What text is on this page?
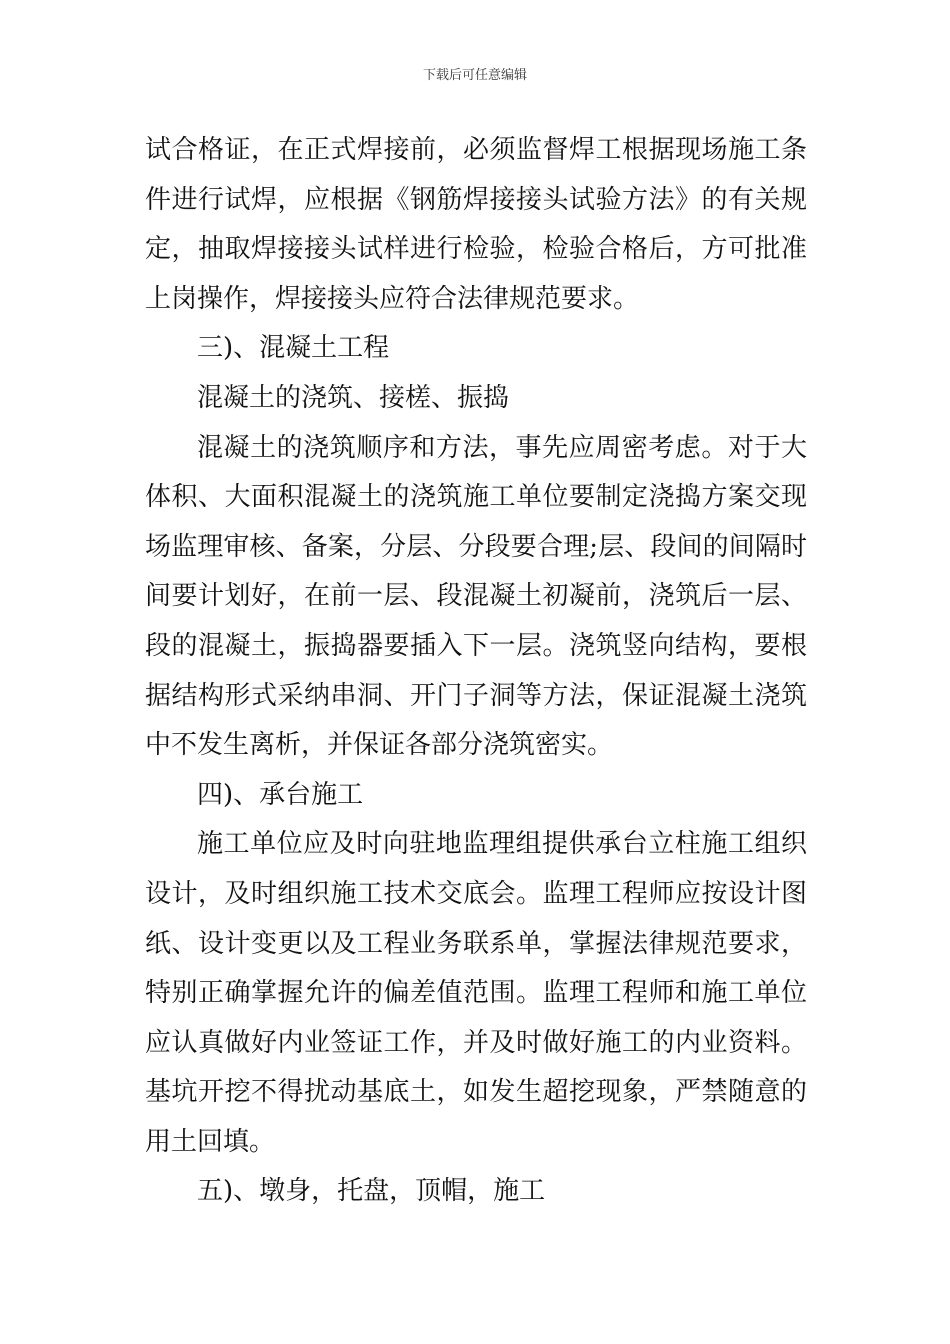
下载后可任意编辑
试合格证，在正式焊接前，必须监督焊工根据现场施工条
件进行试焊，应根据《钢筋焊接接头试验方法》的有关规
定，抽取焊接接头试样进行检验，检验合格后，方可批准
上岗操作，焊接接头应符合法律规范要求。
三)、混凝土工程
混凝土的浇筑、接槎、振捣
混凝土的浇筑顺序和方法，事先应周密考虑。对于大
体积、大面积混凝土的浇筑施工单位要制定浇捣方案交现
场监理审核、备案，分层、分段要合理;层、段间的间隔时
间要计划好，在前一层、段混凝土初凝前，浇筑后一层、
段的混凝土，振捣器要插入下一层。浇筑竖向结构，要根
据结构形式采纳串洞、开门子洞等方法，保证混凝土浇筑
中不发生离析，并保证各部分浇筑密实。
四)、承台施工
施工单位应及时向驻地监理组提供承台立柱施工组织
设计，及时组织施工技术交底会。监理工程师应按设计图
纸、设计变更以及工程业务联系单，掌握法律规范要求，
特别正确掌握允许的偏差值范围。监理工程师和施工单位
应认真做好内业签证工作，并及时做好施工的内业资料。
基坑开挖不得扰动基底土，如发生超挖现象，严禁随意的
用土回填。
五)、墩身，托盘，顶帽，施工
